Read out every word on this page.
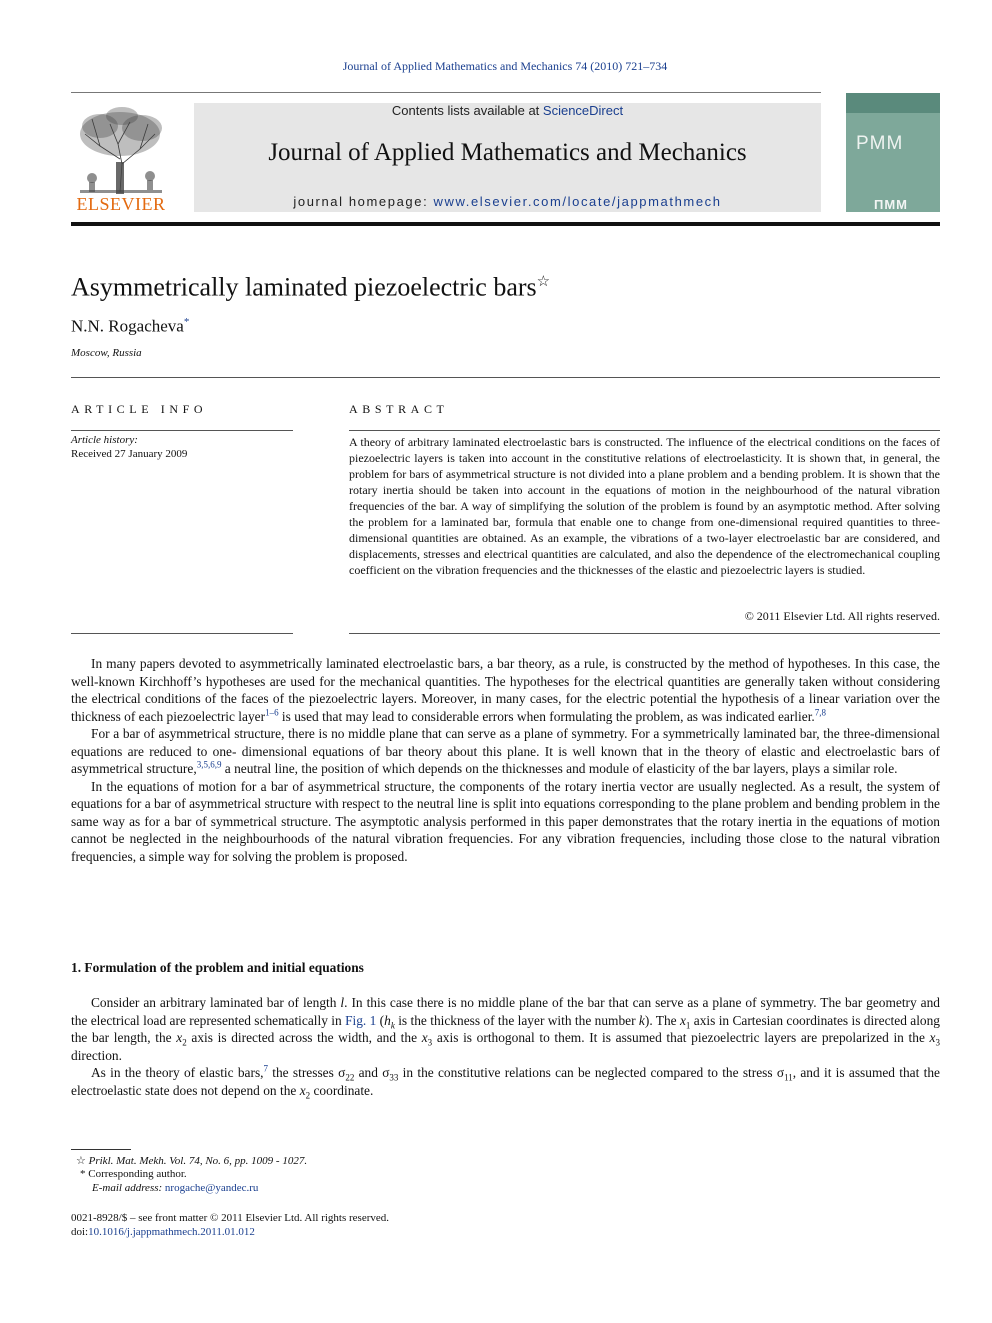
Journal of Applied Mathematics and Mechanics 74 (2010) 721–734
ELSEVIER
Contents lists available at ScienceDirect
Journal of Applied Mathematics and Mechanics
journal homepage: www.elsevier.com/locate/jappmathmech
PMM
ПММ
Asymmetrically laminated piezoelectric bars☆
N.N. Rogacheva*
Moscow, Russia
ARTICLE INFO	ABSTRACT
Article history:
Received 27 January 2009
A theory of arbitrary laminated electroelastic bars is constructed. The influence of the electrical conditions on the faces of piezoelectric layers is taken into account in the constitutive relations of electroelasticity. It is shown that, in general, the problem for bars of asymmetrical structure is not divided into a plane problem and a bending problem. It is shown that the rotary inertia should be taken into account in the equations of motion in the neighbourhood of the natural vibration frequencies of the bar. A way of simplifying the solution of the problem is found by an asymptotic method. After solving the problem for a laminated bar, formula that enable one to change from one-dimensional required quantities to three-dimensional quantities are obtained. As an example, the vibrations of a two-layer electroelastic bar are considered, and displacements, stresses and electrical quantities are calculated, and also the dependence of the electromechanical coupling coefficient on the vibration frequencies and the thicknesses of the elastic and piezoelectric layers is studied.
© 2011 Elsevier Ltd. All rights reserved.

In many papers devoted to asymmetrically laminated electroelastic bars, a bar theory, as a rule, is constructed by the method of hypotheses. In this case, the well-known Kirchhoff’s hypotheses are used for the mechanical quantities. The hypotheses for the electrical quantities are generally taken without considering the electrical conditions of the faces of the piezoelectric layers. Moreover, in many cases, for the electric potential the hypothesis of a linear variation over the thickness of each piezoelectric layer$^{1-6}$ is used that may lead to considerable errors when formulating the problem, as was indicated earlier.$^{7,8}$

For a bar of asymmetrical structure, there is no middle plane that can serve as a plane of symmetry. For a symmetrically laminated bar, the three-dimensional equations are reduced to one- dimensional equations of bar theory about this plane. It is well known that in the theory of elastic and electroelastic bars of asymmetrical structure,$^{3,5,6,9}$ a neutral line, the position of which depends on the thicknesses and module of elasticity of the bar layers, plays a similar role.

In the equations of motion for a bar of asymmetrical structure, the components of the rotary inertia vector are usually neglected. As a result, the system of equations for a bar of asymmetrical structure with respect to the neutral line is split into equations corresponding to the plane problem and bending problem in the same way as for a bar of symmetrical structure. The asymptotic analysis performed in this paper demonstrates that the rotary inertia in the equations of motion cannot be neglected in the neighbourhoods of the natural vibration frequencies. For any vibration frequencies, including those close to the natural vibration frequencies, a simple way for solving the problem is proposed.

1. Formulation of the problem and initial equations

Consider an arbitrary laminated bar of length l. In this case there is no middle plane of the bar that can serve as a plane of symmetry. The bar geometry and the electrical load are represented schematically in Fig. 1 ($h_k$ is the thickness of the layer with the number k). The $x_1$ axis in Cartesian coordinates is directed along the bar length, the $x_2$ axis is directed across the width, and the $x_3$ axis is orthogonal to them. It is assumed that piezoelectric layers are prepolarized in the $x_3$ direction.

As in the theory of elastic bars,$^7$ the stresses $\sigma_{22}$ and $\sigma_{33}$ in the constitutive relations can be neglected compared to the stress $\sigma_{11}$, and it is assumed that the electroelastic state does not depend on the $x_2$ coordinate.

☆ Prikl. Mat. Mekh. Vol. 74, No. 6, pp. 1009 - 1027.
* Corresponding author.
E-mail address: nrogache@yandec.ru
0021-8928/$ – see front matter © 2011 Elsevier Ltd. All rights reserved.
doi:10.1016/j.jappmathmech.2011.01.012
